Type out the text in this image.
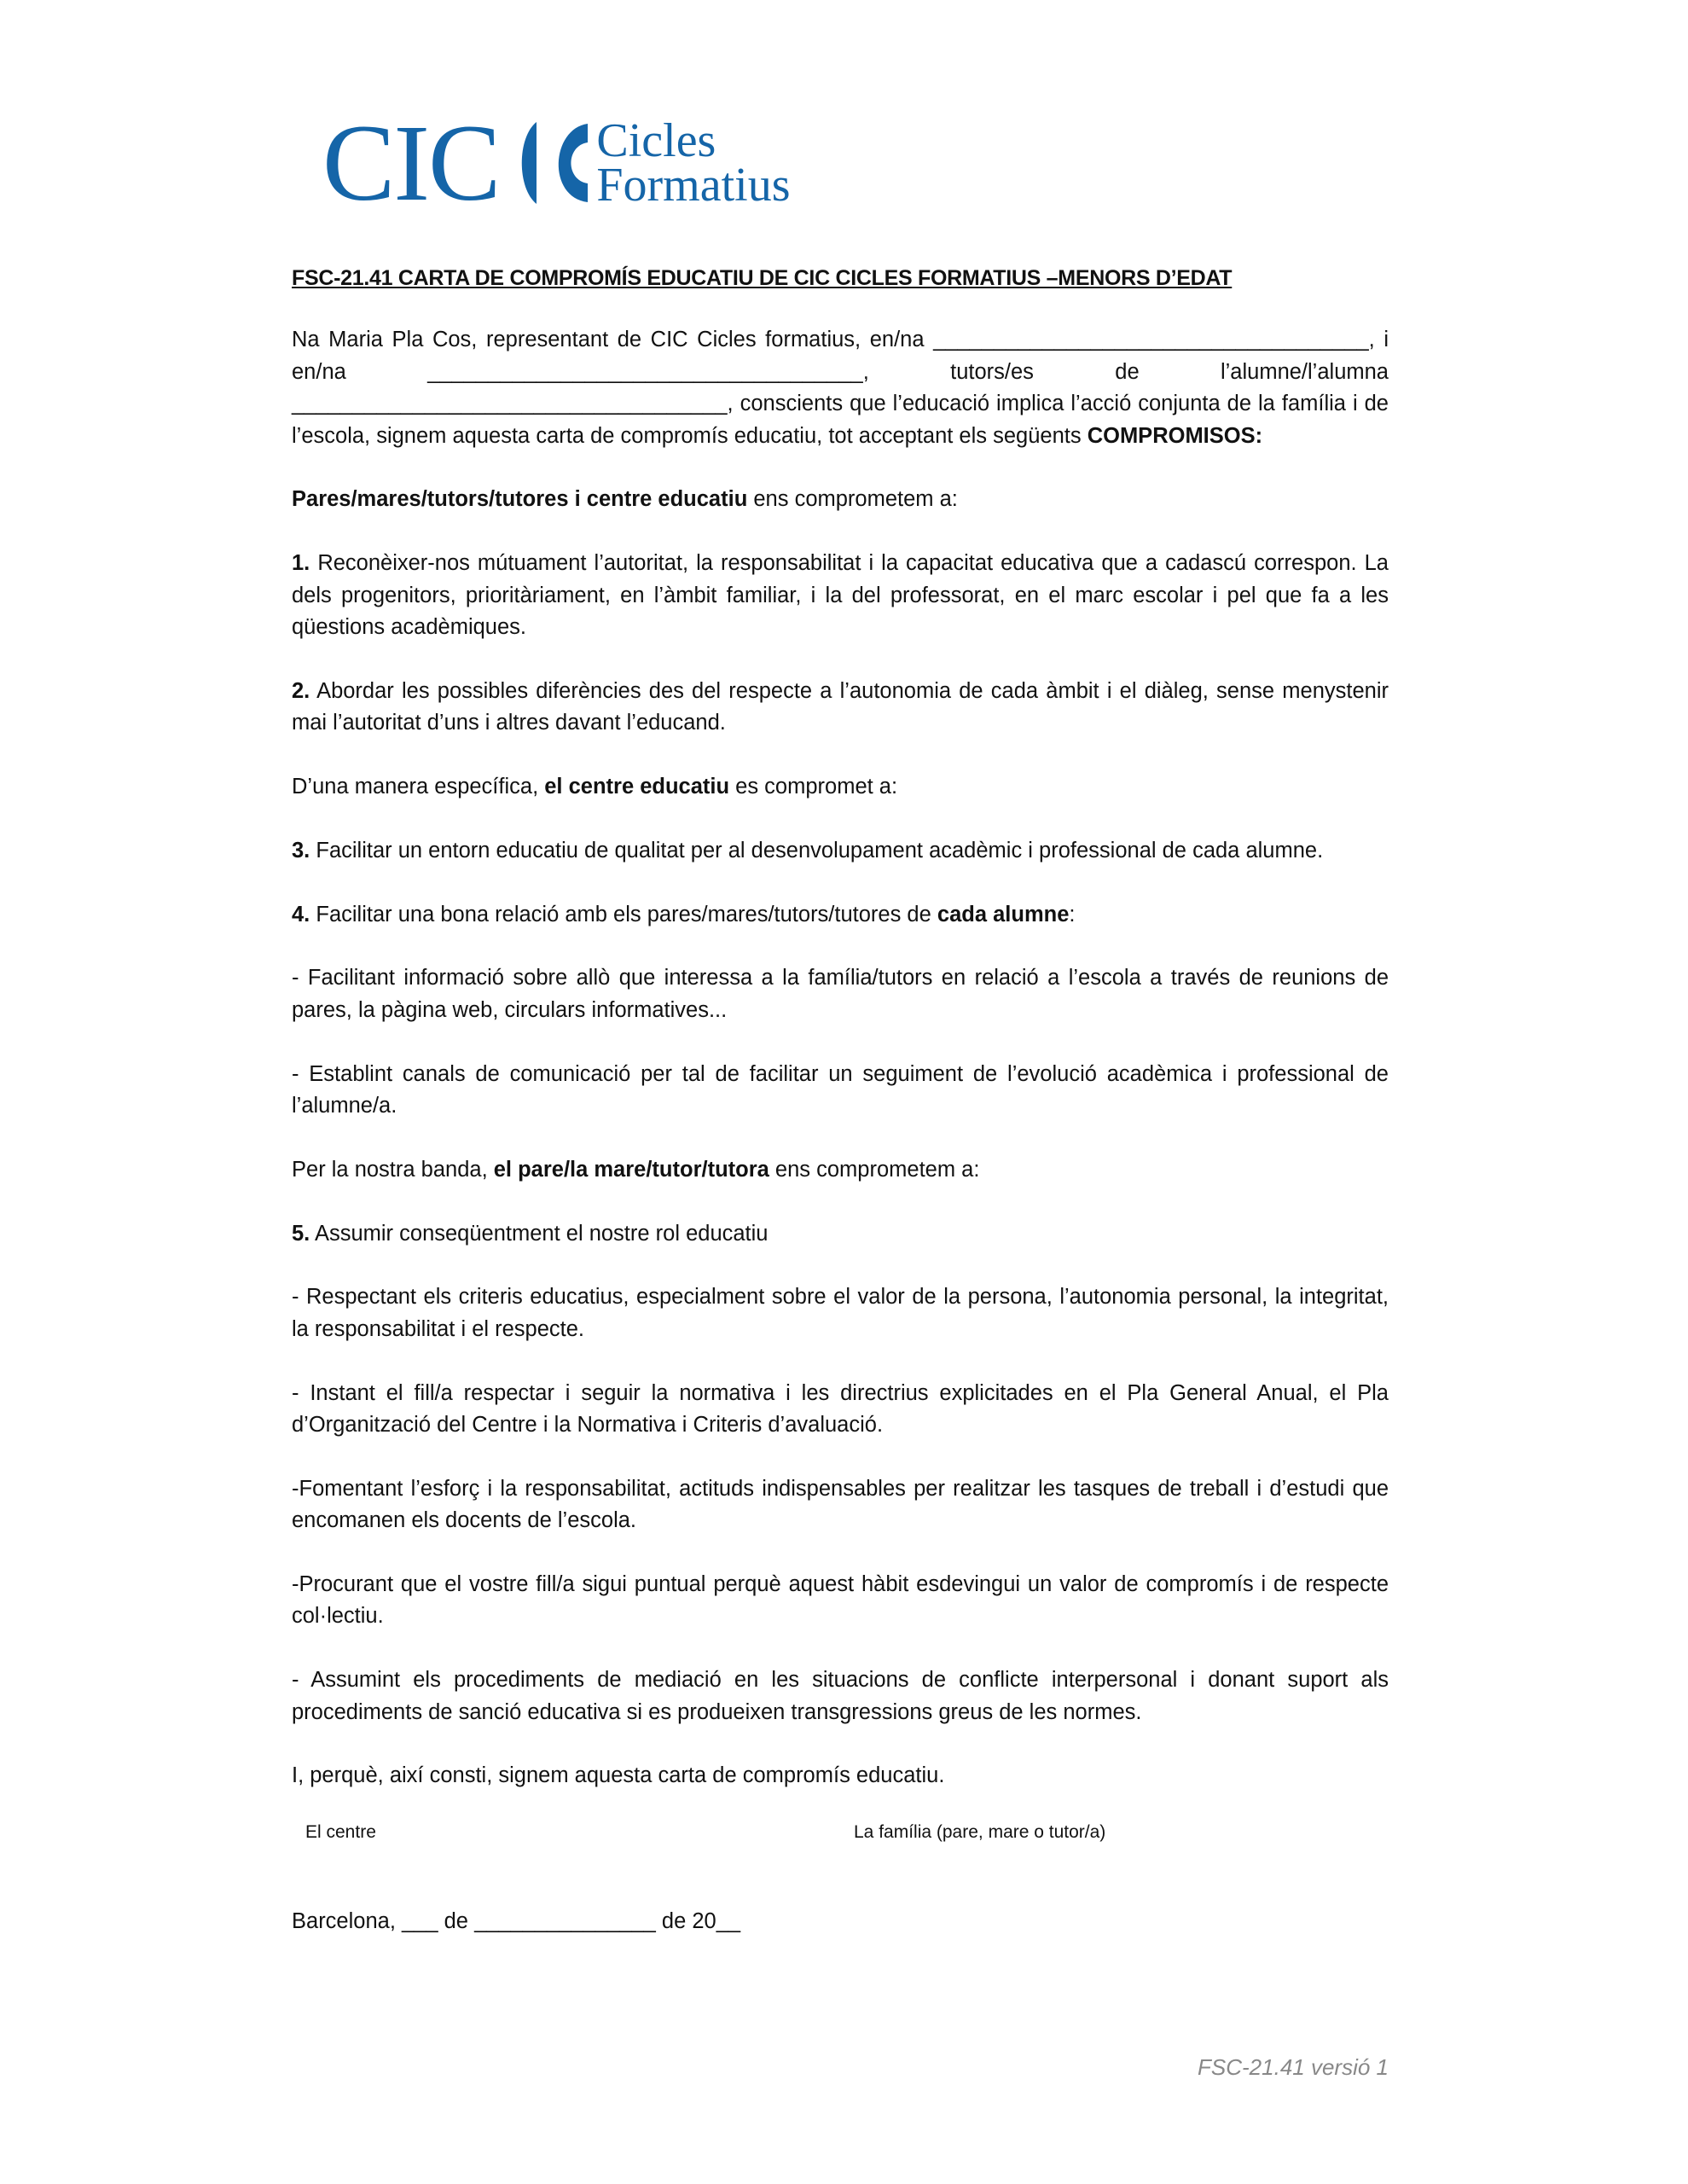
CIC Cicles
Formatius
FSC-21.41 CARTA DE COMPROMÍS EDUCATIU DE CIC CICLES FORMATIUS –MENORS D’EDAT

Na Maria Pla Cos, representant de CIC Cicles formatius, en/na ____________________________________, i en/na ____________________________________, tutors/es de l’alumne/l’alumna ____________________________________, conscients que l’educació implica l’acció conjunta de la família i de l’escola, signem aquesta carta de compromís educatiu, tot acceptant els següents COMPROMISOS:

Pares/mares/tutors/tutores i centre educatiu ens comprometem a:

1. Reconèixer-nos mútuament l’autoritat, la responsabilitat i la capacitat educativa que a cadascú correspon. La dels progenitors, prioritàriament, en l’àmbit familiar, i la del professorat, en el marc escolar i pel que fa a les qüestions acadèmiques.

2. Abordar les possibles diferències des del respecte a l’autonomia de cada àmbit i el diàleg, sense menystenir mai l’autoritat d’uns i altres davant l’educand.

D’una manera específica, el centre educatiu es compromet a:

3. Facilitar un entorn educatiu de qualitat per al desenvolupament acadèmic i professional de cada alumne.

4. Facilitar una bona relació amb els pares/mares/tutors/tutores de cada alumne:

- Facilitant informació sobre allò que interessa a la família/tutors en relació a l’escola a través de reunions de pares, la pàgina web, circulars informatives...

- Establint canals de comunicació per tal de facilitar un seguiment de l’evolució acadèmica i professional de l’alumne/a.

Per la nostra banda, el pare/la mare/tutor/tutora ens comprometem a:

5. Assumir conseqüentment el nostre rol educatiu

- Respectant els criteris educatius, especialment sobre el valor de la persona, l’autonomia personal, la integritat, la responsabilitat i el respecte.

- Instant el fill/a respectar i seguir la normativa i les directrius explicitades en el Pla General Anual, el Pla d’Organització del Centre i la Normativa i Criteris d’avaluació.

-Fomentant l’esforç i la responsabilitat, actituds indispensables per realitzar les tasques de treball i d’estudi que encomanen els docents de l’escola.

-Procurant que el vostre fill/a sigui puntual perquè aquest hàbit esdevingui un valor de compromís i de respecte col·lectiu.

- Assumint els procediments de mediació en les situacions de conflicte interpersonal i donant suport als procediments de sanció educativa si es produeixen transgressions greus de les normes.

I, perquè, així consti, signem aquesta carta de compromís educatiu.

El centre	La família (pare, mare o tutor/a)
Barcelona, ___ de _______________ de 20__
FSC-21.41 versió 1
